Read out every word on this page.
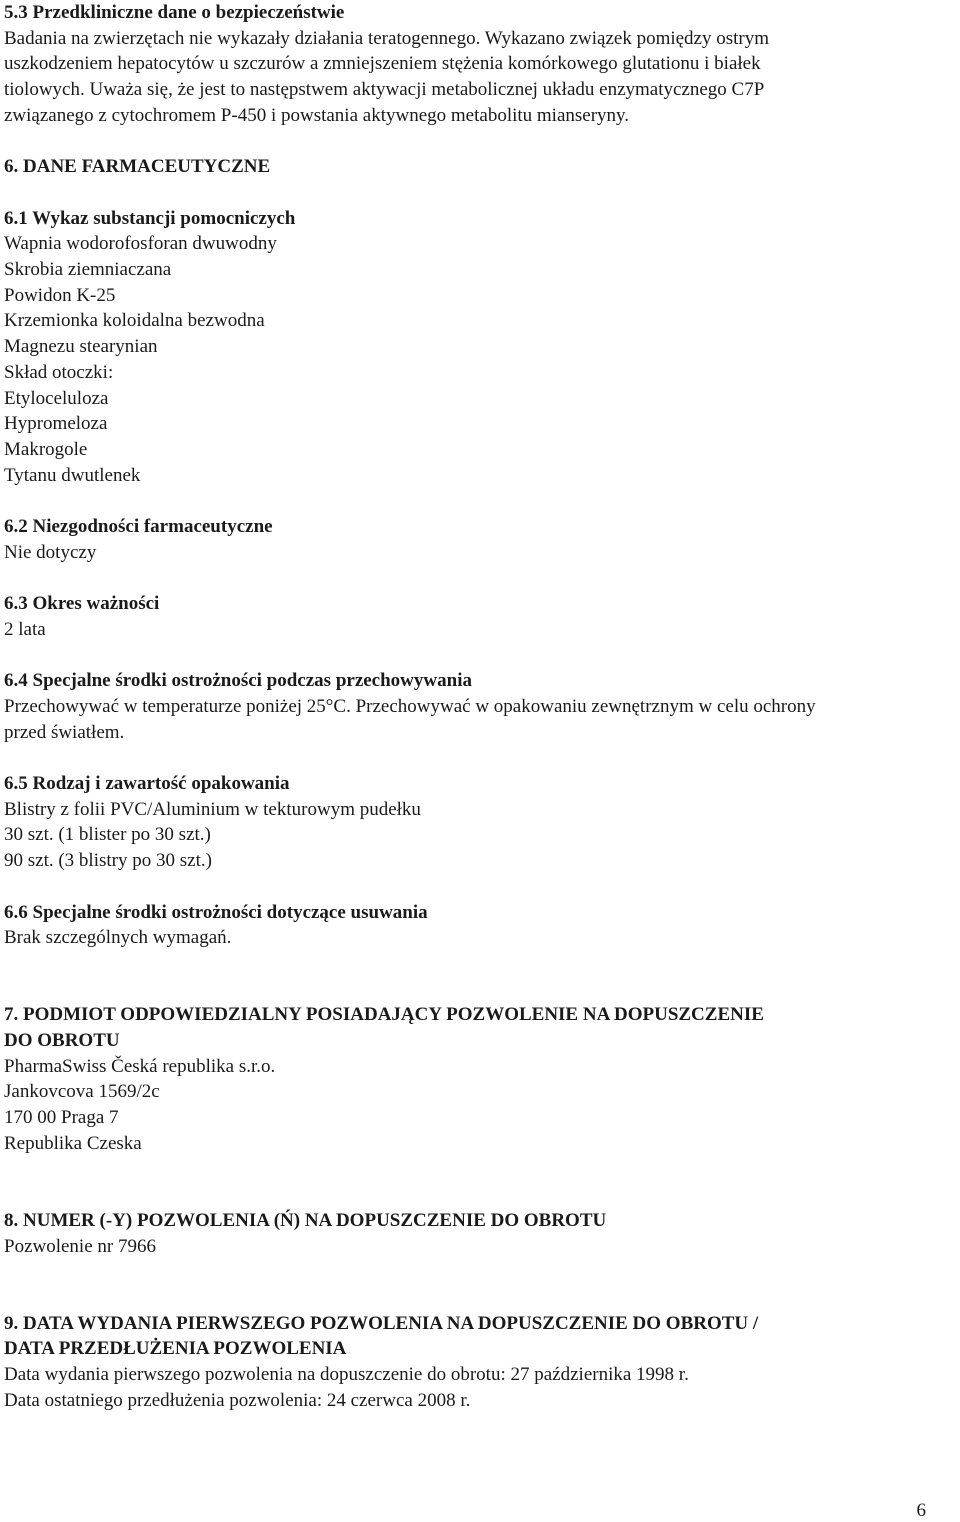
5.3 Przedkliniczne dane o bezpieczeństwie
Badania na zwierzętach nie wykazały działania teratogennego. Wykazano związek pomiędzy ostrym
uszkodzeniem hepatocytów u szczurów a zmniejszeniem stężenia komórkowego glutationu i białek
tiolowych. Uważa się, że jest to następstwem aktywacji metabolicznej układu enzymatycznego C7P
związanego z cytochromem P-450 i powstania aktywnego metabolitu mianseryny.
6. DANE FARMACEUTYCZNE
6.1 Wykaz substancji pomocniczych
Wapnia wodorofosforan dwuwodny
Skrobia ziemniaczana
Powidon K-25
Krzemionka koloidalna bezwodna
Magnezu stearynian
Skład otoczki:
Etyloceluloza
Hypromeloza
Makrogole
Tytanu dwutlenek
6.2 Niezgodności farmaceutyczne
Nie dotyczy
6.3 Okres ważności
2 lata
6.4 Specjalne środki ostrożności podczas przechowywania
Przechowywać w temperaturze poniżej 25°C. Przechowywać w opakowaniu zewnętrznym w celu ochrony
przed światłem.
6.5 Rodzaj i zawartość opakowania
Blistry z folii PVC/Aluminium w tekturowym pudełku
30 szt. (1 blister po 30 szt.)
90 szt. (3 blistry po 30 szt.)
6.6 Specjalne środki ostrożności dotyczące usuwania
Brak szczególnych wymagań.
7. PODMIOT ODPOWIEDZIALNY POSIADAJĄCY POZWOLENIE NA DOPUSZCZENIE
DO OBROTU
PharmaSwiss Česká republika s.r.o.
Jankovcova 1569/2c
170 00 Praga 7
Republika Czeska
8. NUMER (-Y) POZWOLENIA (Ń) NA DOPUSZCZENIE DO OBROTU
Pozwolenie nr 7966
9. DATA WYDANIA PIERWSZEGO POZWOLENIA NA DOPUSZCZENIE DO OBROTU /
DATA PRZEDŁUŻENIA POZWOLENIA
Data wydania pierwszego pozwolenia na dopuszczenie do obrotu: 27 października 1998 r.
Data ostatniego przedłużenia pozwolenia: 24 czerwca 2008 r.
6
